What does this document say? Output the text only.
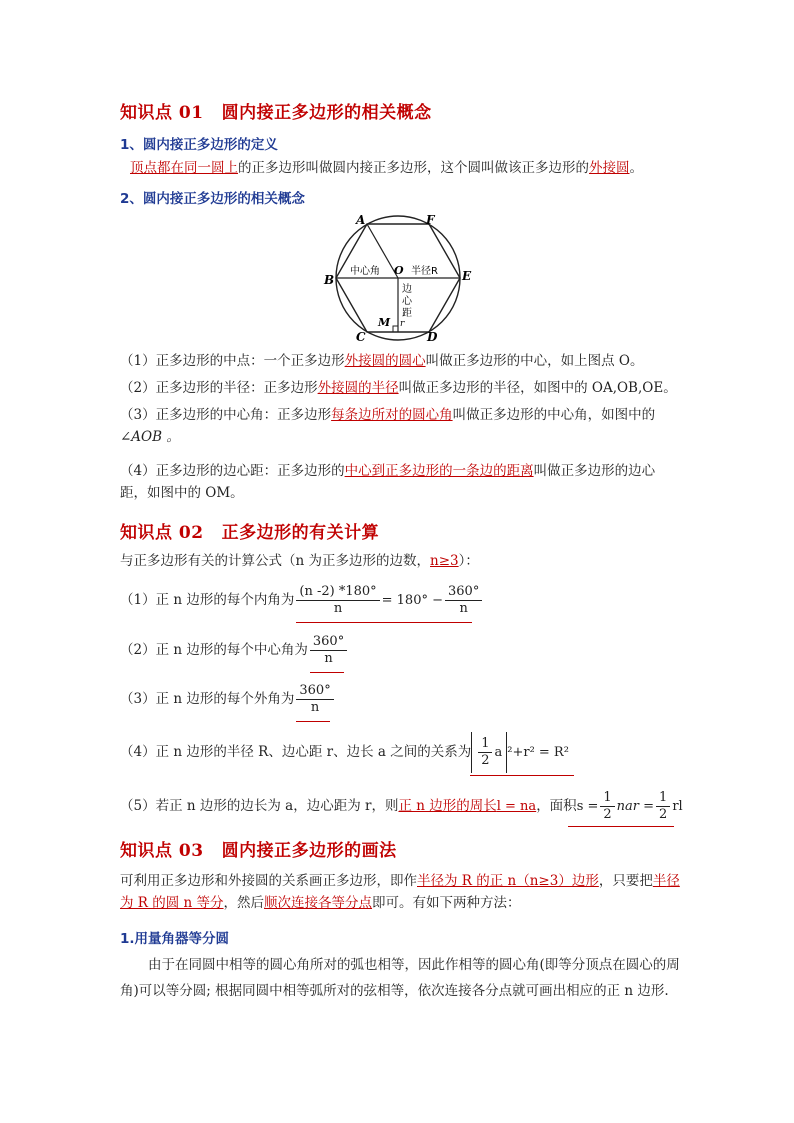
知识点 01 圆内接正多边形的相关概念
1、圆内接正多边形的定义
顶点都在同一圆上的正多边形叫做圆内接正多边形，这个圆叫做该正多边形的外接圆。
2、圆内接正多边形的相关概念
A	F
B	E
C	D
O
M r
中心角	半径R
边
心
距
（1）正多边形的中点：一个正多边形外接圆的圆心叫做正多边形的中心，如上图点 O。
（2）正多边形的半径：正多边形外接圆的半径叫做正多边形的半径，如图中的 OA,OB,OE。
（3）正多边形的中心角：正多边形每条边所对的圆心角叫做正多边形的中心角，如图中的
∠AOB 。
（4）正多边形的边心距：正多边形的中心到正多边形的一条边的距离叫做正多边形的边心
距，如图中的 OM。
知识点 02 正多边形的有关计算
与正多边形有关的计算公式（n 为正多边形的边数，n≥3）：
（1）正 n 边形的每个内角为 $\frac{(n -2) *180^\circ}{n} = 180^\circ - \frac{360^\circ}{n}$
（2）正 n 边形的每个中心角为 $\frac{360^\circ}{n}$
（3）正 n 边形的每个外角为 $\frac{360^\circ}{n}$
（4）正 n 边形的半径 R、边心距 r、边长 a 之间的关系为 $\frac{1}{2}$ a ²+r² = R²
（5）若正 n 边形的边长为 a，边心距为 r，则正 n 边形的周长l = na，面积$s = \frac{1}{2}$ nar = $\frac{1}{2}$ rl
知识点 03 圆内接正多边形的画法
可利用正多边形和外接圆的关系画正多边形，即作半径为 R 的正 n（n≥3）边形，只要把半径为 R 的圆 n 等分，然后顺次连接各等分点即可。有如下两种方法：
1.用量角器等分圆
由于在同圆中相等的圆心角所对的弧也相等，因此作相等的圆心角(即等分顶点在圆心的周角)可以等分圆; 根据同圆中相等弧所对的弦相等，依次连接各分点就可画出相应的正 n 边形.
